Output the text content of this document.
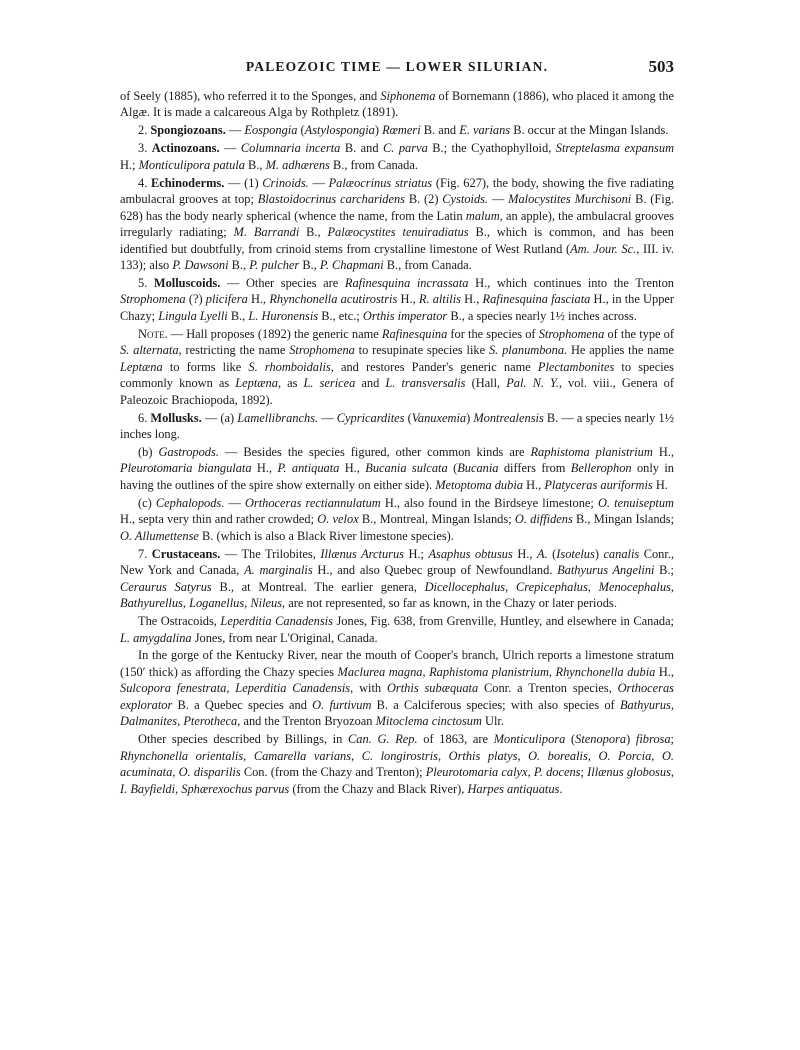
PALEOZOIC TIME — LOWER SILURIAN.	503

of Seely (1885), who referred it to the Sponges, and Siphonema of Bornemann (1886), who placed it among the Algæ. It is made a calcareous Alga by Rothpletz (1891).

2. Spongiozoans. — Eospongia (Astylospongia) Rœmeri B. and E. varians B. occur at the Mingan Islands.

3. Actinozoans. — Columnaria incerta B. and C. parva B.; the Cyathophylloid, Streptelasma expansum H.; Monticulipora patula B., M. adhærens B., from Canada.

4. Echinoderms. — (1) Crinoids. — Palæocrinus striatus (Fig. 627), the body, showing the five radiating ambulacral grooves at top; Blastoidocrinus carcharidens B. (2) Cystoids. — Malocystites Murchisoni B. (Fig. 628) has the body nearly spherical (whence the name, from the Latin malum, an apple), the ambulacral grooves irregularly radiating; M. Barrandi B., Palæocystites tenuiradiatus B., which is common, and has been identified but doubtfully, from crinoid stems from crystalline limestone of West Rutland (Am. Jour. Sc., III. iv. 133); also P. Dawsoni B., P. pulcher B., P. Chapmani B., from Canada.

5. Molluscoids. — Other species are Rafinesquina incrassata H., which continues into the Trenton Strophomena (?) plicifera H., Rhynchonella acutirostris H., R. altilis H., Rafinesquina fasciata H., in the Upper Chazy; Lingula Lyelli B., L. Huronensis B., etc.; Orthis imperator B., a species nearly 1½ inches across.

Note. — Hall proposes (1892) the generic name Rafinesquina for the species of Strophomena of the type of S. alternata, restricting the name Strophomena to resupinate species like S. planumbona. He applies the name Leptæna to forms like S. rhomboidalis, and restores Pander's generic name Plectambonites to species commonly known as Leptæna, as L. sericea and L. transversalis (Hall, Pal. N. Y., vol. viii., Genera of Paleozoic Brachiopoda, 1892).

6. Mollusks. — (a) Lamellibranchs. — Cypricardites (Vanuxemia) Montrealensis B. — a species nearly 1½ inches long.

(b) Gastropods. — Besides the species figured, other common kinds are Raphistoma planistrium H., Pleurotomaria biangulata H., P. antiquata H., Bucania sulcata (Bucania differs from Bellerophon only in having the outlines of the spire show externally on either side). Metoptoma dubia H., Platyceras auriformis H.

(c) Cephalopods. — Orthoceras rectiannulatum H., also found in the Birdseye limestone; O. tenuiseptum H., septa very thin and rather crowded; O. velox B., Montreal, Mingan Islands; O. diffidens B., Mingan Islands; O. Allumettense B. (which is also a Black River limestone species).

7. Crustaceans. — The Trilobites, Illænus Arcturus H.; Asaphus obtusus H., A. (Isotelus) canalis Conr., New York and Canada, A. marginalis H., and also Quebec group of Newfoundland. Bathyurus Angelini B.; Ceraurus Satyrus B., at Montreal. The earlier genera, Dicellocephalus, Crepicephalus, Menocephalus, Bathyurellus, Loganellus, Nileus, are not represented, so far as known, in the Chazy or later periods.

The Ostracoids, Leperditia Canadensis Jones, Fig. 638, from Grenville, Huntley, and elsewhere in Canada; L. amygdalina Jones, from near L'Original, Canada.

In the gorge of the Kentucky River, near the mouth of Cooper's branch, Ulrich reports a limestone stratum (150′ thick) as affording the Chazy species Maclurea magna, Raphistoma planistrium, Rhynchonella dubia H., Sulcopora fenestrata, Leperditia Canadensis, with Orthis subæquata Conr. a Trenton species, Orthoceras explorator B. a Quebec species and O. furtivum B. a Calciferous species; with also species of Bathyurus, Dalmanites, Pterotheca, and the Trenton Bryozoan Mitoclema cinctosum Ulr.

Other species described by Billings, in Can. G. Rep. of 1863, are Monticulipora (Stenopora) fibrosa; Rhynchonella orientalis, Camarella varians, C. longirostris, Orthis platys, O. borealis, O. Porcia, O. acuminata, O. disparilis Con. (from the Chazy and Trenton); Pleurotomaria calyx, P. docens; Illænus globosus, I. Bayfieldi, Sphærexochus parvus (from the Chazy and Black River), Harpes antiquatus.
